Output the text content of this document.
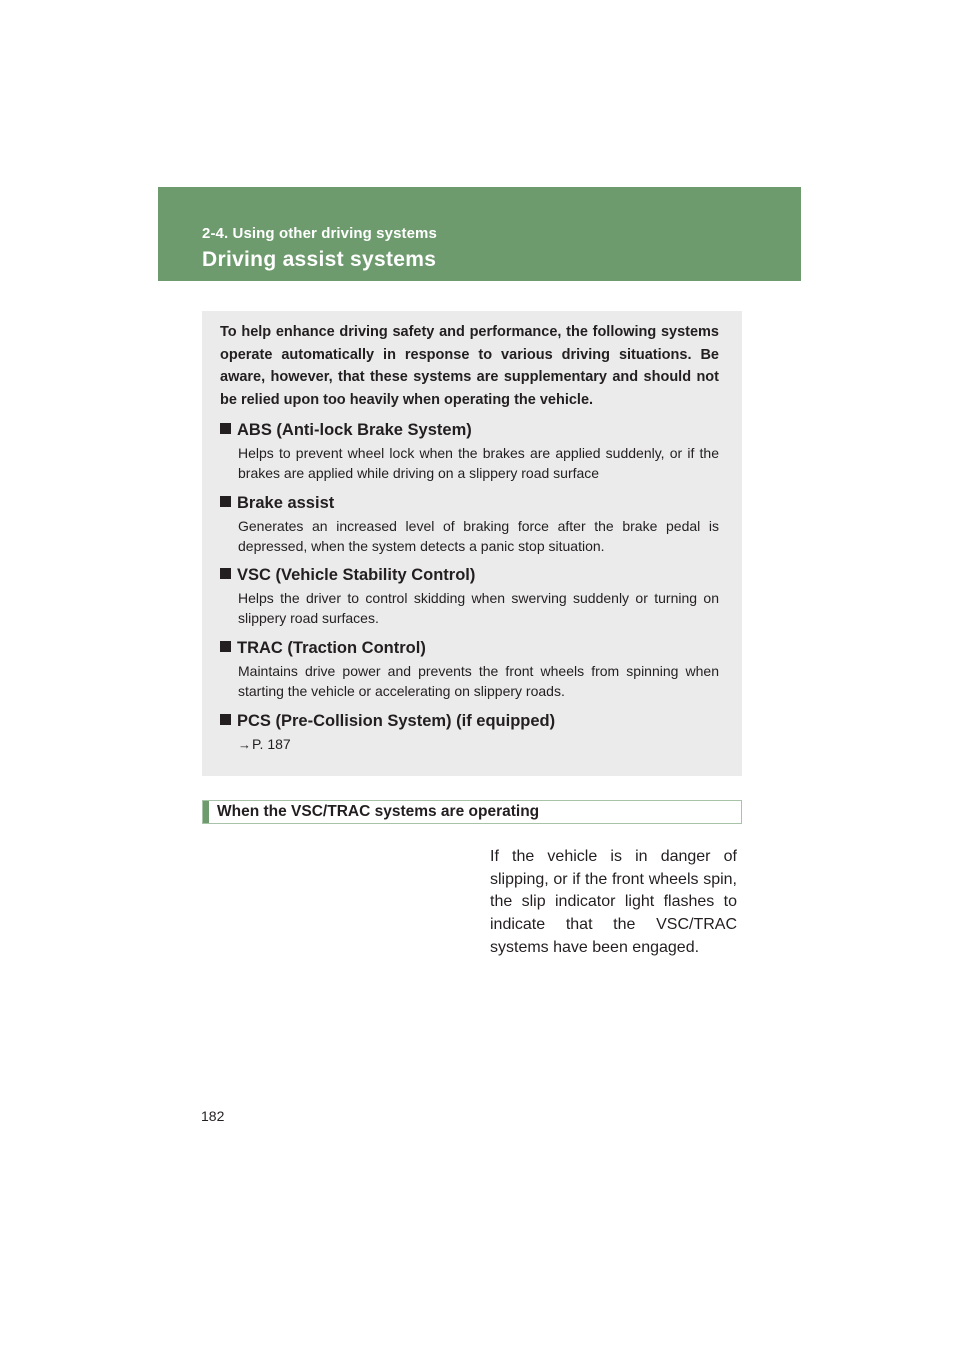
2-4. Using other driving systems
Driving assist systems
To help enhance driving safety and performance, the following systems operate automatically in response to various driving situations. Be aware, however, that these systems are supplementary and should not be relied upon too heavily when operating the vehicle.
ABS (Anti-lock Brake System)
Helps to prevent wheel lock when the brakes are applied suddenly, or if the brakes are applied while driving on a slippery road surface
Brake assist
Generates an increased level of braking force after the brake pedal is depressed, when the system detects a panic stop situation.
VSC (Vehicle Stability Control)
Helps the driver to control skidding when swerving suddenly or turning on slippery road surfaces.
TRAC (Traction Control)
Maintains drive power and prevents the front wheels from spinning when starting the vehicle or accelerating on slippery roads.
PCS (Pre-Collision System) (if equipped)
→P. 187
When the VSC/TRAC systems are operating
If the vehicle is in danger of slipping, or if the front wheels spin, the slip indicator light flashes to indicate that the VSC/TRAC systems have been engaged.
182
